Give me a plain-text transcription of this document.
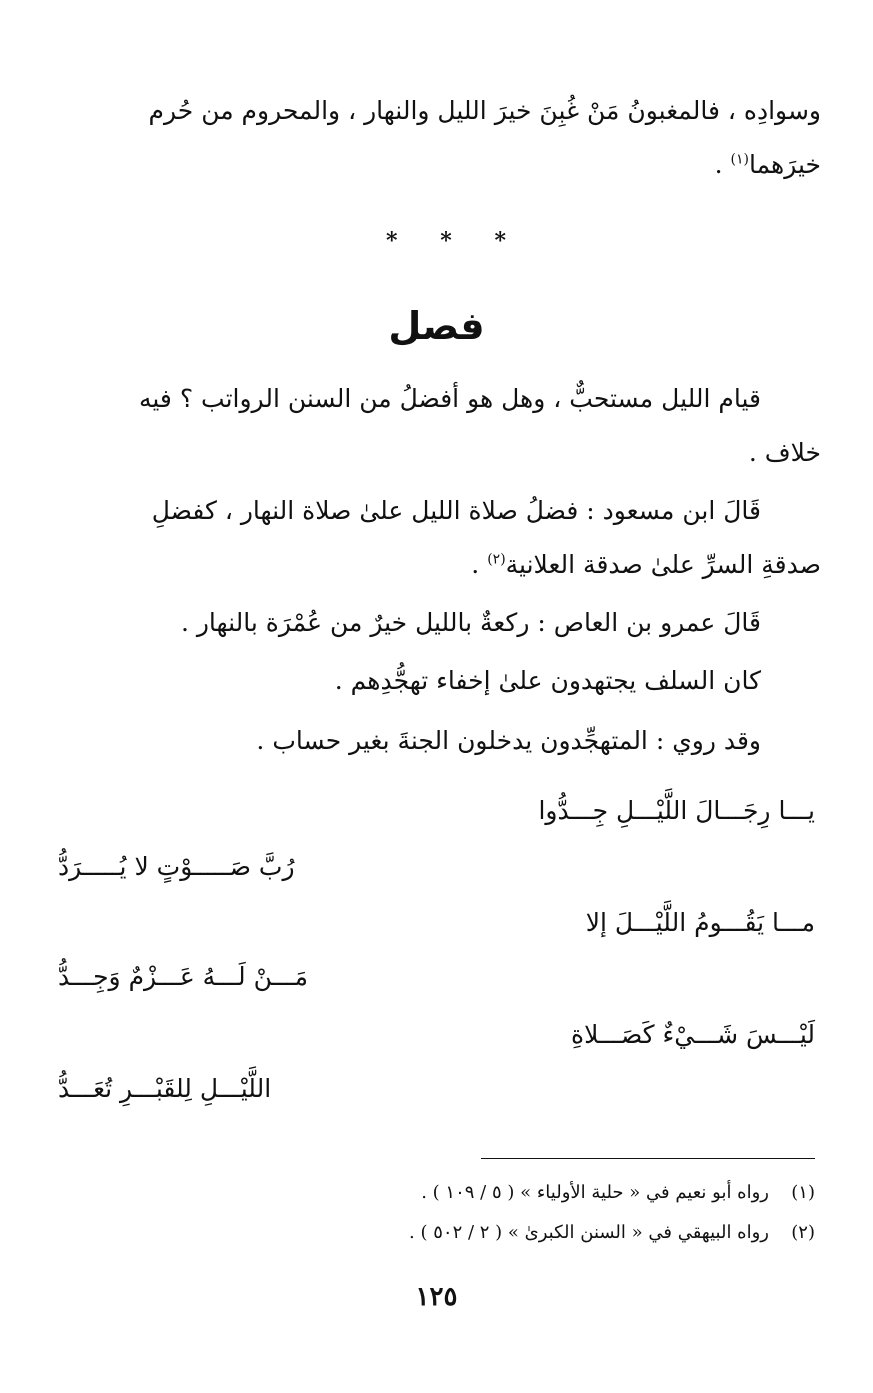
وسوادِه ، فالمغبونُ مَنْ غُبِنَ خيرَ الليل والنهار ، والمحروم من حُرم

خيرَهما$^{(١)}$ .

*
*
*
فصل

قيام الليل مستحبٌّ ، وهل هو أفضلُ من السنن الرواتب ؟ فيه

خلاف .

قَالَ ابن مسعود : فضلُ صلاة الليل علىٰ صلاة النهار ، كفضلِ

صدقةِ السرِّ علىٰ صدقة العلانية$^{(٢)}$ .

قَالَ عمرو بن العاص : ركعةٌ بالليل خيرٌ من عُمْرَة بالنهار .

كان السلف يجتهدون علىٰ إخفاء تهجُّدِهم .

وقد روي : المتهجِّدون يدخلون الجنةَ بغير حساب .

يـــا رِجَـــالَ اللَّيْـــلِ جِـــدُّوا
رُبَّ صَـــــوْتٍ لا يُـــــرَدُّ
مـــا يَقُـــومُ اللَّيْـــلَ إلا
مَـــنْ لَـــهُ عَـــزْمٌ وَجِـــدُّ
لَيْـــسَ شَـــيْءٌ كَصَـــلاةِ
اللَّيْـــلِ لِلقَبْـــرِ تُعَـــدُّ
(١)رواه أبو نعيم في « حلية الأولياء » ( ٥ / ١٠٩ ) .
(٢)رواه البيهقي في « السنن الكبرىٰ » ( ٢ / ٥٠٢ ) .
١٢٥
